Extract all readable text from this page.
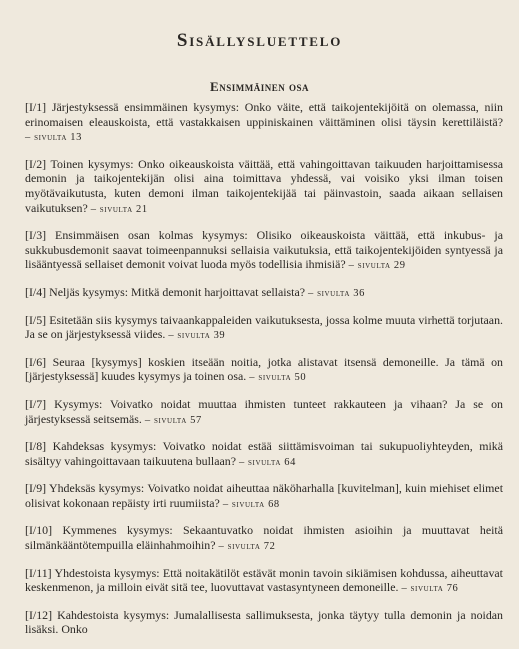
Sisällysluettelo
Ensimmäinen osa

[I/1] Järjestyksessä ensimmäinen kysymys: Onko väite, että taikojentekijöitä on olemassa, niin erinomaisen eleauskoista, että vastakkaisen uppiniskainen väittäminen olisi täysin kerettiläistä? – sivulta 13

[I/2] Toinen kysymys: Onko oikeauskoista väittää, että vahingoittavan taikuuden harjoittamisessa demonin ja taikojentekijän olisi aina toimittava yhdessä, vai voisiko yksi ilman toisen myötävaikutusta, kuten demoni ilman taikojentekijää tai päinvastoin, saada aikaan sellaisen vaikutuksen? – sivulta 21

[I/3] Ensimmäisen osan kolmas kysymys: Olisiko oikeauskoista väittää, että inkubus- ja sukkubusdemonit saavat toimeenpannuksi sellaisia vaikutuksia, että taikojentekijöiden syntyessä ja lisääntyessä sellaiset demonit voivat luoda myös todellisia ihmisiä? – sivulta 29

[I/4] Neljäs kysymys: Mitkä demonit harjoittavat sellaista? – sivulta 36

[I/5] Esitetään siis kysymys taivaankappaleiden vaikutuksesta, jossa kolme muuta virhettä torjutaan. Ja se on järjestyksessä viides. – sivulta 39

[I/6] Seuraa [kysymys] koskien itseään noitia, jotka alistavat itsensä demoneille. Ja tämä on [järjestyksessä] kuudes kysymys ja toinen osa. – sivulta 50

[I/7] Kysymys: Voivatko noidat muuttaa ihmisten tunteet rakkauteen ja vihaan? Ja se on järjestyksessä seitsemäs. – sivulta 57

[I/8] Kahdeksas kysymys: Voivatko noidat estää siittämisvoiman tai sukupuoliyhteyden, mikä sisältyy vahingoittavaan taikuutena bullaan? – sivulta 64

[I/9] Yhdeksäs kysymys: Voivatko noidat aiheuttaa näköharhalla [kuvitelman], kuin miehiset elimet olisivat kokonaan repäisty irti ruumiista? – sivulta 68

[I/10] Kymmenes kysymys: Sekaantuvatko noidat ihmisten asioihin ja muuttavat heitä silmänkääntötempuilla eläinhahmoihin? – sivulta 72

[I/11] Yhdestoista kysymys: Että noitakätilöt estävät monin tavoin sikiämisen kohdussa, aiheuttavat keskenmenon, ja milloin eivät sitä tee, luovuttavat vastasyntyneen demoneille. – sivulta 76

[I/12] Kahdestoista kysymys: Jumalallisesta sallimuksesta, jonka täytyy tulla demonin ja noidan lisäksi. Onko
